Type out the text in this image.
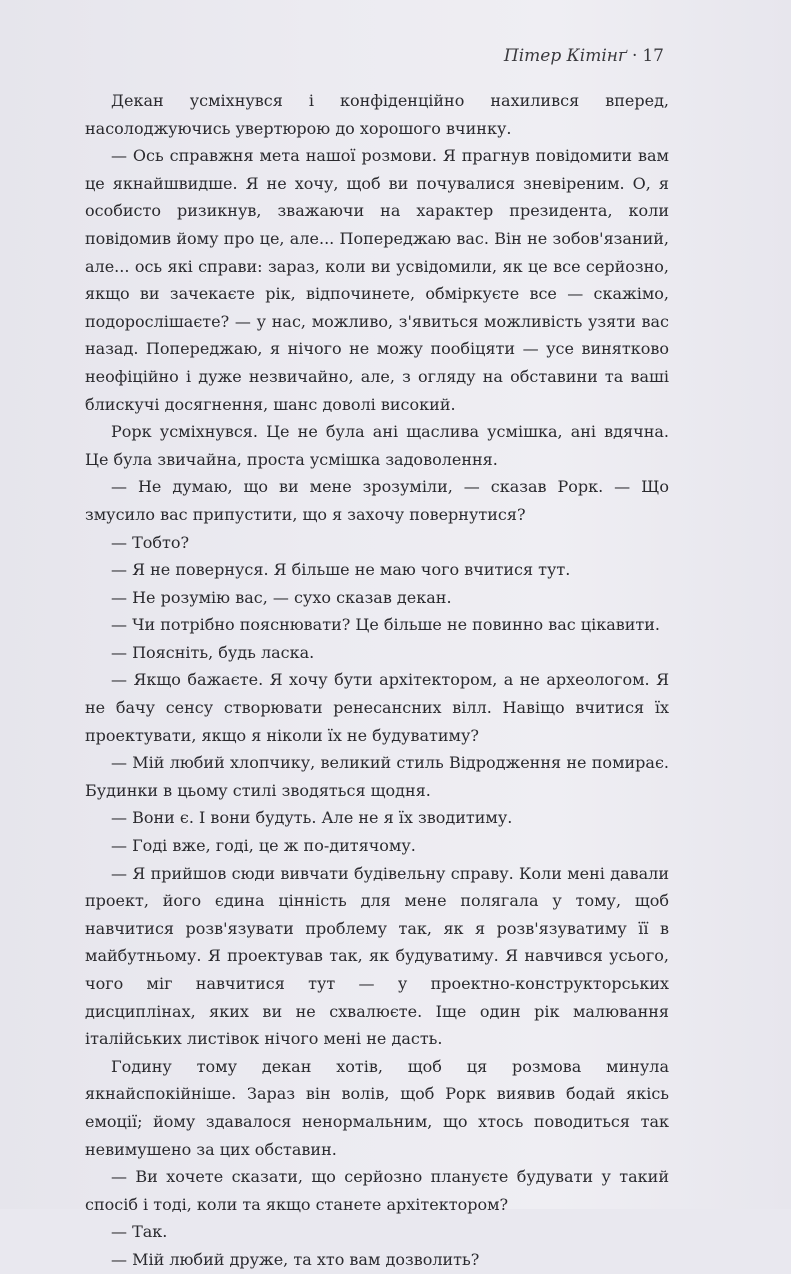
Пітер Кітінґ · 17

Декан усміхнувся і конфіденційно нахилився вперед, насолоджуючись увертюрою до хорошого вчинку.

— Ось справжня мета нашої розмови. Я прагнув повідомити вам це якнайшвидше. Я не хочу, щоб ви почувалися зневіреним. О, я особисто ризикнув, зважаючи на характер президента, коли повідомив йому про це, але... Попереджаю вас. Він не зобов'язаний, але... ось які справи: зараз, коли ви усвідомили, як це все серйозно, якщо ви зачекаєте рік, відпочинете, обміркуєте все — скажімо, подорослішаєте? — у нас, можливо, з'явиться можливість узяти вас назад. Попереджаю, я нічого не можу пообіцяти — усе винятково неофіційно і дуже незвичайно, але, з огляду на обставини та ваші блискучі досягнення, шанс доволі високий.

Рорк усміхнувся. Це не була ані щаслива усмішка, ані вдячна. Це була звичайна, проста усмішка задоволення.

— Не думаю, що ви мене зрозуміли, — сказав Рорк. — Що змусило вас припустити, що я захочу повернутися?

— Тобто?

— Я не повернуся. Я більше не маю чого вчитися тут.

— Не розумію вас, — сухо сказав декан.

— Чи потрібно пояснювати? Це більше не повинно вас цікавити.

— Поясніть, будь ласка.

— Якщо бажаєте. Я хочу бути архітектором, а не археологом. Я не бачу сенсу створювати ренесансних вілл. Навіщо вчитися їх проектувати, якщо я ніколи їх не будуватиму?

— Мій любий хлопчику, великий стиль Відродження не помирає. Будинки в цьому стилі зводяться щодня.

— Вони є. І вони будуть. Але не я їх зводитиму.

— Годі вже, годі, це ж по-дитячому.

— Я прийшов сюди вивчати будівельну справу. Коли мені давали проект, його єдина цінність для мене полягала у тому, щоб навчитися розв'язувати проблему так, як я розв'язуватиму її в майбутньому. Я проектував так, як будуватиму. Я навчився усього, чого міг навчитися тут — у проектно-конструкторських дисциплінах, яких ви не схвалюєте. Іще один рік малювання італійських листівок нічого мені не дасть.

Годину тому декан хотів, щоб ця розмова минула якнайспокійніше. Зараз він волів, щоб Рорк виявив бодай якісь емоції; йому здавалося ненормальним, що хтось поводиться так невимушено за цих обставин.

— Ви хочете сказати, що серйозно плануєте будувати у такий спосіб і тоді, коли та якщо станете архітектором?

— Так.

— Мій любий друже, та хто вам дозволить?
